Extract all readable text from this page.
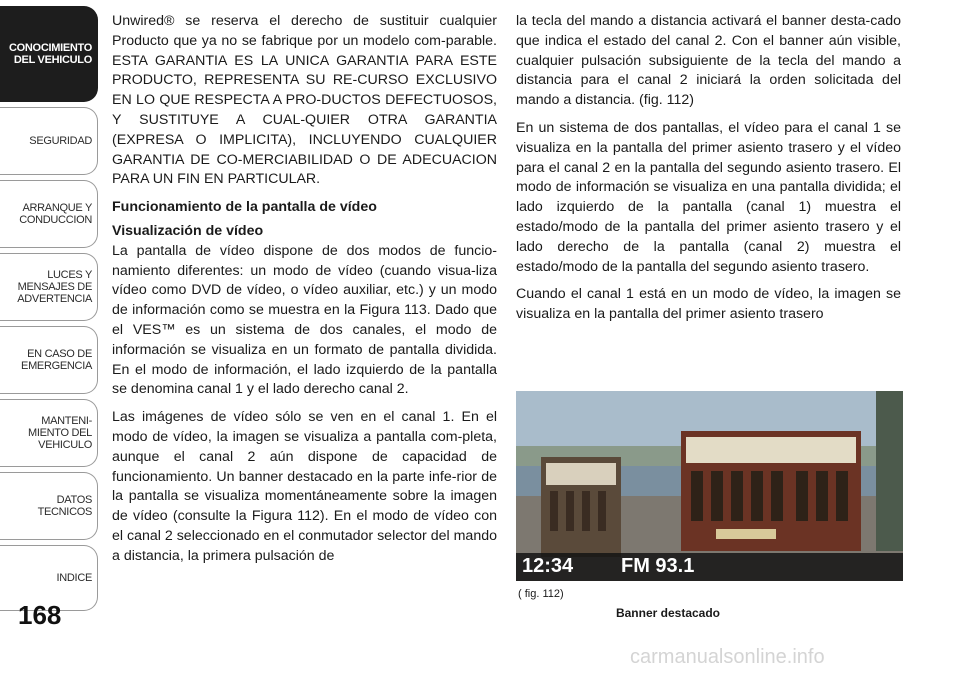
CONOCIMIENTO
DEL VEHICULO
SEGURIDAD
ARRANQUE Y
CONDUCCION
LUCES Y
MENSAJES DE
ADVERTENCIA
EN CASO DE
EMERGENCIA
MANTENI-
MIENTO DEL
VEHICULO
DATOS
TECNICOS
INDICE
168

Unwired® se reserva el derecho de sustituir cualquier Producto que ya no se fabrique por un modelo com-parable. ESTA GARANTIA ES LA UNICA GARANTIA PARA ESTE PRODUCTO, REPRESENTA SU RE-CURSO EXCLUSIVO EN LO QUE RESPECTA A PRO-DUCTOS DEFECTUOSOS, Y SUSTITUYE A CUAL-QUIER OTRA GARANTIA (EXPRESA O IMPLICITA), INCLUYENDO CUALQUIER GARANTIA DE CO-MERCIABILIDAD O DE ADECUACION PARA UN FIN EN PARTICULAR.

Funcionamiento de la pantalla de vídeo
Visualización de vídeo

La pantalla de vídeo dispone de dos modos de funcio-namiento diferentes: un modo de vídeo (cuando visua-liza vídeo como DVD de vídeo, o vídeo auxiliar, etc.) y un modo de información como se muestra en la Figura 113. Dado que el VES™ es un sistema de dos canales, el modo de información se visualiza en un formato de pantalla dividida. En el modo de información, el lado izquierdo de la pantalla se denomina canal 1 y el lado derecho canal 2.

Las imágenes de vídeo sólo se ven en el canal 1. En el modo de vídeo, la imagen se visualiza a pantalla com-pleta, aunque el canal 2 aún dispone de capacidad de funcionamiento. Un banner destacado en la parte infe-rior de la pantalla se visualiza momentáneamente sobre la imagen de vídeo (consulte la Figura 112). En el modo de vídeo con el canal 2 seleccionado en el conmutador selector del mando a distancia, la primera pulsación de

la tecla del mando a distancia activará el banner desta-cado que indica el estado del canal 2. Con el banner aún visible, cualquier pulsación subsiguiente de la tecla del mando a distancia para el canal 2 iniciará la orden solicitada del mando a distancia. (fig. 112)

En un sistema de dos pantallas, el vídeo para el canal 1 se visualiza en la pantalla del primer asiento trasero y el vídeo para el canal 2 en la pantalla del segundo asiento trasero. El modo de información se visualiza en una pantalla dividida; el lado izquierdo de la pantalla (canal 1) muestra el estado/modo de la pantalla del primer asiento trasero y el lado derecho de la pantalla (canal 2) muestra el estado/modo de la pantalla del segundo asiento trasero.

Cuando el canal 1 está en un modo de vídeo, la imagen se visualiza en la pantalla del primer asiento trasero

12:34 FM 93.1
( fig. 112)
Banner destacado
carmanualsonline.info
